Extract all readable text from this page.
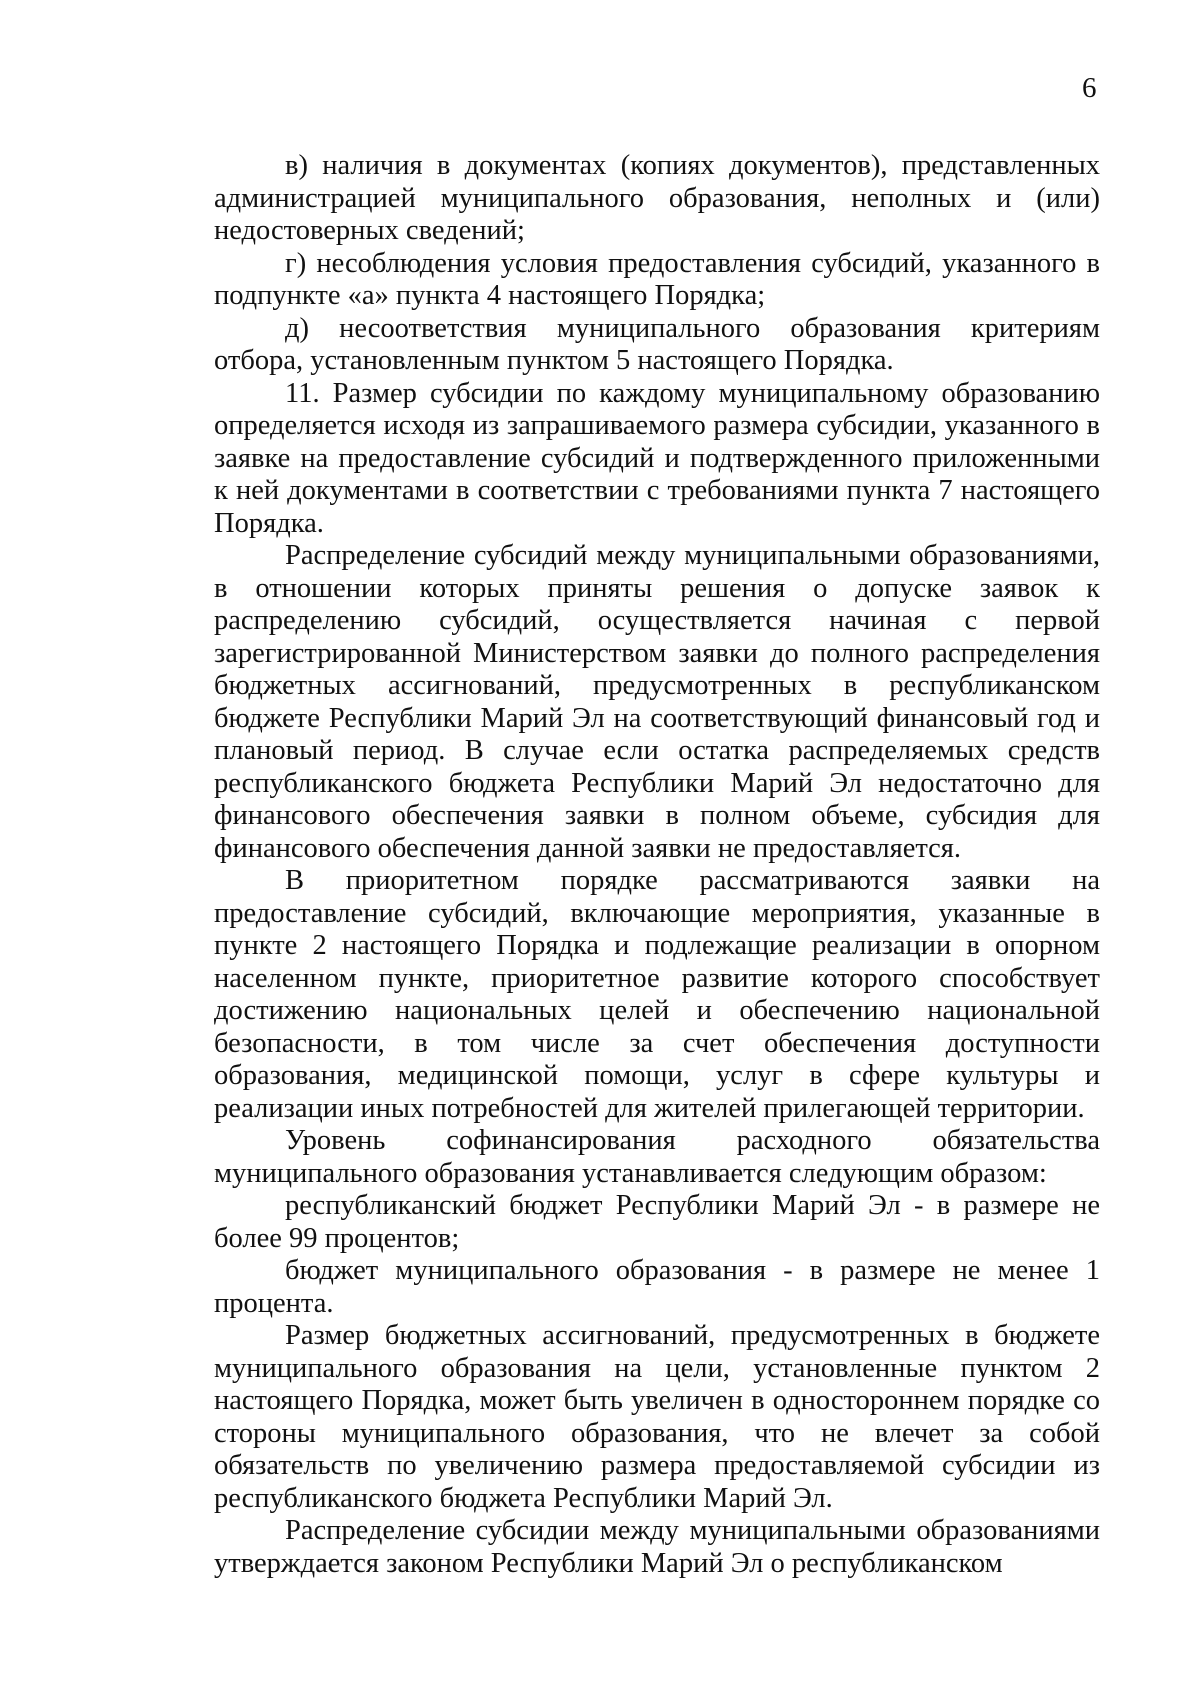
6

в) наличия в документах (копиях документов), представленных администрацией муниципального образования, неполных и (или) недостоверных сведений;

г) несоблюдения условия предоставления субсидий, указанного в подпункте «а» пункта 4 настоящего Порядка;

д) несоответствия муниципального образования критериям отбора, установленным пунктом 5 настоящего Порядка.

11. Размер субсидии по каждому муниципальному образованию определяется исходя из запрашиваемого размера субсидии, указанного в заявке на предоставление субсидий и подтвержденного приложенными к ней документами в соответствии с требованиями пункта 7 настоящего Порядка.

Распределение субсидий между муниципальными образованиями, в отношении которых приняты решения о допуске заявок к распределению субсидий, осуществляется начиная с первой зарегистрированной Министерством заявки до полного распределения бюджетных ассигнований, предусмотренных в республиканском бюджете Республики Марий Эл на соответствующий финансовый год и плановый период. В случае если остатка распределяемых средств республиканского бюджета Республики Марий Эл недостаточно для финансового обеспечения заявки в полном объеме, субсидия для финансового обеспечения данной заявки не предоставляется.

В приоритетном порядке рассматриваются заявки на предоставление субсидий, включающие мероприятия, указанные в пункте 2 настоящего Порядка и подлежащие реализации в опорном населенном пункте, приоритетное развитие которого способствует достижению национальных целей и обеспечению национальной безопасности, в том числе за счет обеспечения доступности образования, медицинской помощи, услуг в сфере культуры и реализации иных потребностей для жителей прилегающей территории.

Уровень софинансирования расходного обязательства муниципального образования устанавливается следующим образом:

республиканский бюджет Республики Марий Эл - в размере не более 99 процентов;

бюджет муниципального образования - в размере не менее 1 процента.

Размер бюджетных ассигнований, предусмотренных в бюджете муниципального образования на цели, установленные пунктом 2 настоящего Порядка, может быть увеличен в одностороннем порядке со стороны муниципального образования, что не влечет за собой обязательств по увеличению размера предоставляемой субсидии из республиканского бюджета Республики Марий Эл.

Распределение субсидии между муниципальными образованиями утверждается законом Республики Марий Эл о республиканском
